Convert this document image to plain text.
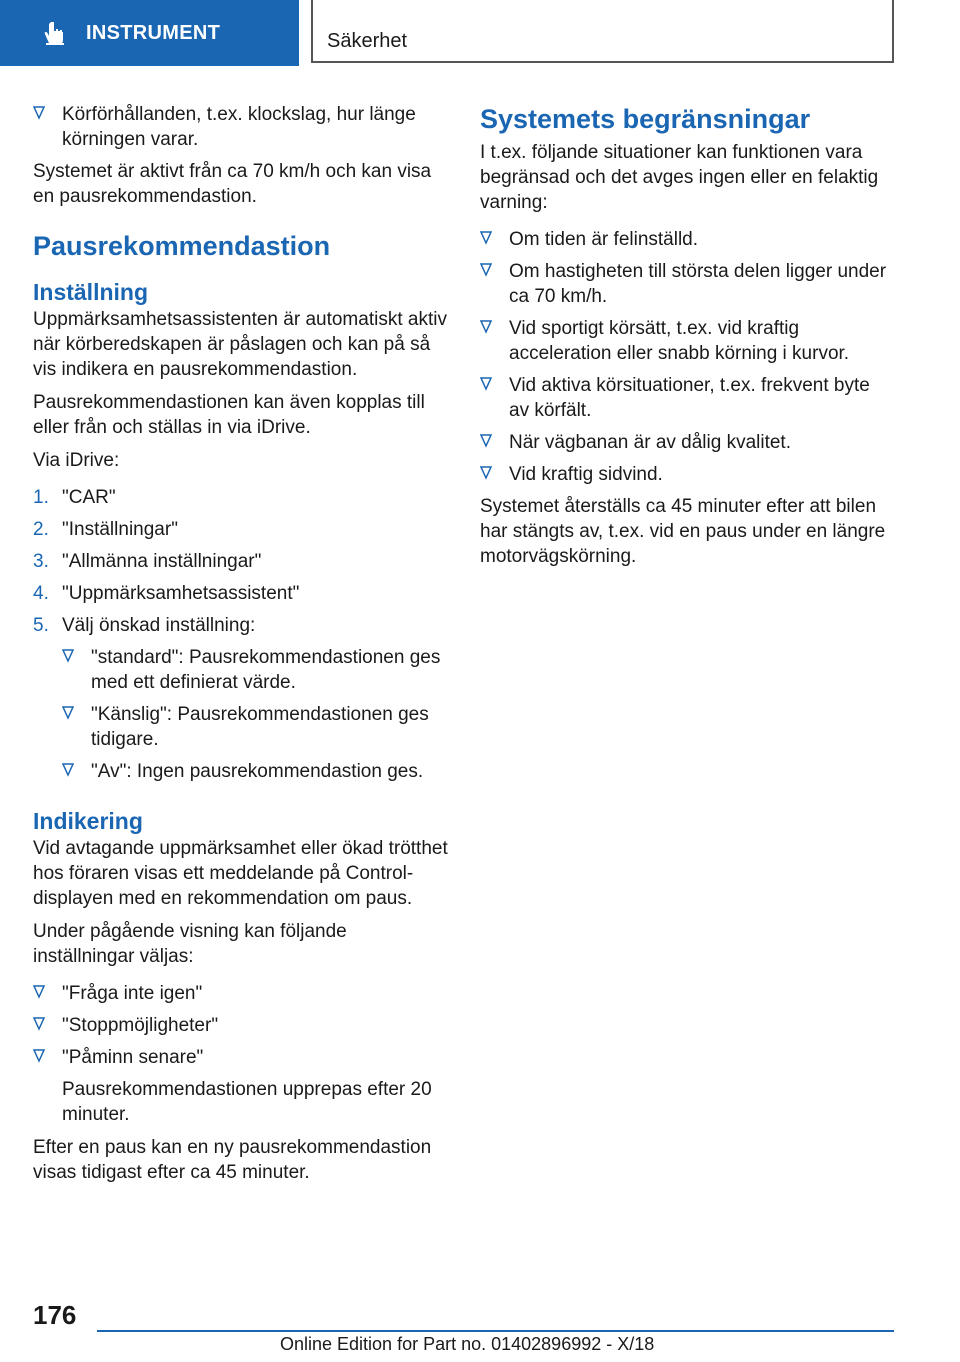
INSTRUMENT	Säkerhet
Körförhållanden, t.ex. klockslag, hur länge körningen varar.

Systemet är aktivt från ca 70 km/h och kan visa en pausrekommendastion.

Pausrekommendastion
Inställning

Uppmärksamhetsassistenten är automatiskt aktiv när körberedskapen är påslagen och kan på så vis indikera en pausrekommendastion.

Pausrekommendastionen kan även kopplas till eller från och ställas in via iDrive.

Via iDrive:

1. "CAR"
2. "Inställningar"
3. "Allmänna inställningar"
4. "Uppmärksamhetsassistent"
5. Välj önskad inställning:
"standard": Pausrekommendastionen ges med ett definierat värde.
"Känslig": Pausrekommendastionen ges tidigare.
"Av": Ingen pausrekommendastion ges.
Indikering

Vid avtagande uppmärksamhet eller ökad trötthet hos föraren visas ett meddelande på Control-displayen med en rekommendation om paus.

Under pågående visning kan följande inställningar väljas:

"Fråga inte igen"
"Stoppmöjligheter"
"Påminn senare"

Pausrekommendastionen upprepas efter 20 minuter.

Efter en paus kan en ny pausrekommendastion visas tidigast efter ca 45 minuter.

Systemets begränsningar

I t.ex. följande situationer kan funktionen vara begränsad och det avges ingen eller en felaktig varning:

Om tiden är felinställd.
Om hastigheten till största delen ligger under ca 70 km/h.
Vid sportigt körsätt, t.ex. vid kraftig acceleration eller snabb körning i kurvor.
Vid aktiva körsituationer, t.ex. frekvent byte av körfält.
När vägbanan är av dålig kvalitet.
Vid kraftig sidvind.

Systemet återställs ca 45 minuter efter att bilen har stängts av, t.ex. vid en paus under en längre motorvägskörning.

176
Online Edition for Part no. 01402896992 - X/18
